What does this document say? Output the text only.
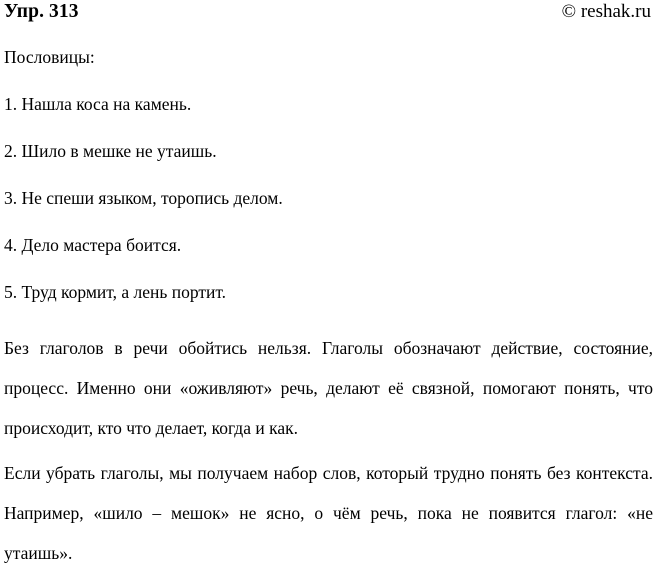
Упр. 313	© reshak.ru
Пословицы:
1. Нашла коса на камень.
2. Шило в мешке не утаишь.
3. Не спеши языком, торопись делом.
4. Дело мастера боится.
5. Труд кормит, а лень портит.

Без глаголов в речи обойтись нельзя. Глаголы обозначают действие, состояние, процесс. Именно они «оживляют» речь, делают её связной, помогают понять, что происходит, кто что делает, когда и как.

Если убрать глаголы, мы получаем набор слов, который трудно понять без контекста. Например, «шило – мешок» не ясно, о чём речь, пока не появится глагол: «не утаишь».
